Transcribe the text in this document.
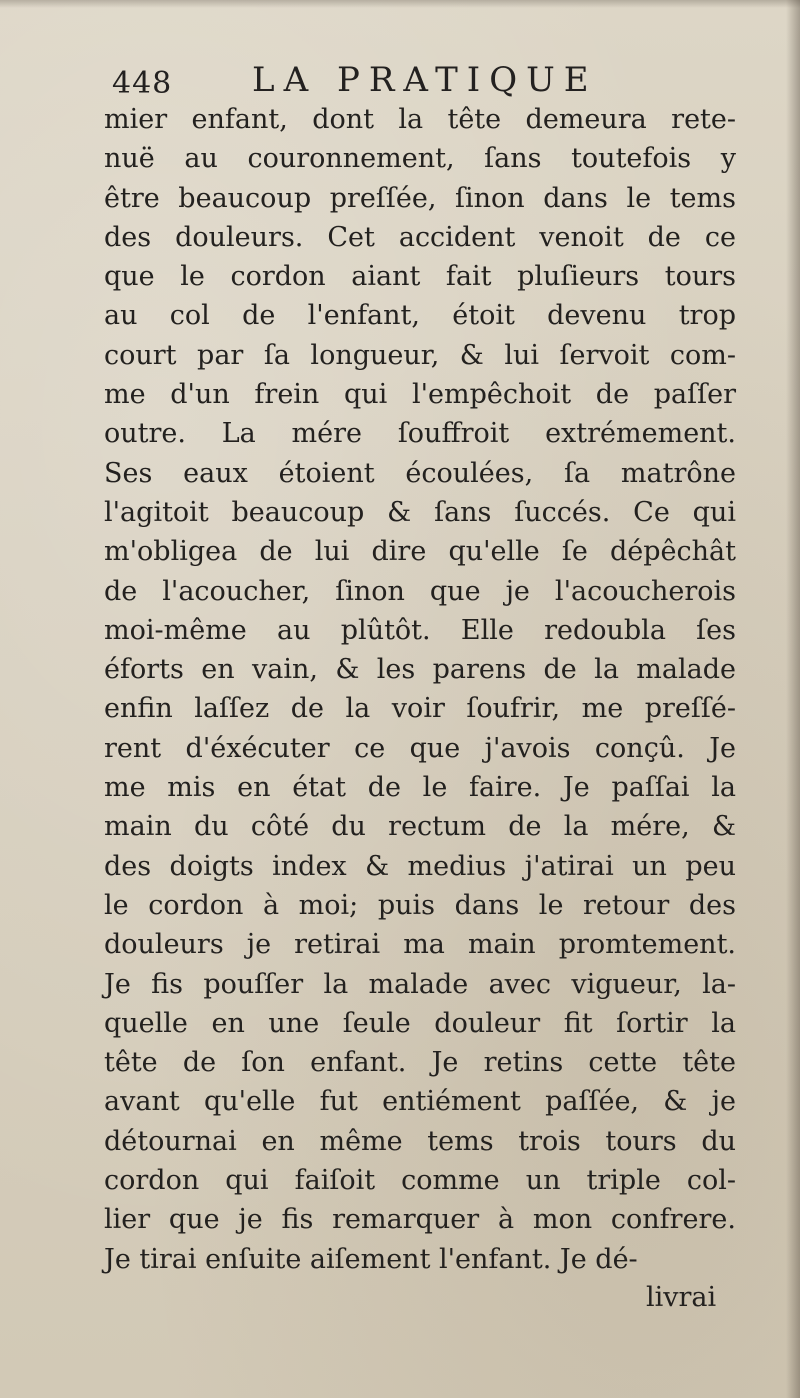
448 LA PRATIQUE
mier enfant, dont la tête demeura rete-
nuë au couronnement, ſans toutefois y
être beaucoup preſſée, ſinon dans le tems
des douleurs. Cet accident venoit de ce
que le cordon aiant fait pluſieurs tours
au col de l'enfant, étoit devenu trop
court par ſa longueur, & lui ſervoit com-
me d'un frein qui l'empêchoit de paſſer
outre. La mére ſouffroit extrémement.
Ses eaux étoient écoulées, ſa matrône
l'agitoit beaucoup & ſans ſuccés. Ce qui
m'obligea de lui dire qu'elle ſe dépêchât
de l'acoucher, ſinon que je l'acoucherois
moi-même au plûtôt. Elle redoubla ſes
éforts en vain, & les parens de la malade
enfin laſſez de la voir ſoufrir, me preſſé-
rent d'éxécuter ce que j'avois conçû. Je
me mis en état de le faire. Je paſſai la
main du côté du rectum de la mére, &
des doigts index & medius j'atirai un peu
le cordon à moi; puis dans le retour des
douleurs je retirai ma main promtement.
Je fis pouſſer la malade avec vigueur, la-
quelle en une ſeule douleur fit ſortir la
tête de ſon enfant. Je retins cette tête
avant qu'elle fut entiément paſſée, & je
détournai en même tems trois tours du
cordon qui faiſoit comme un triple col-
lier que je fis remarquer à mon confrere.
Je tirai enſuite aiſement l'enfant. Je dé-
livrai
